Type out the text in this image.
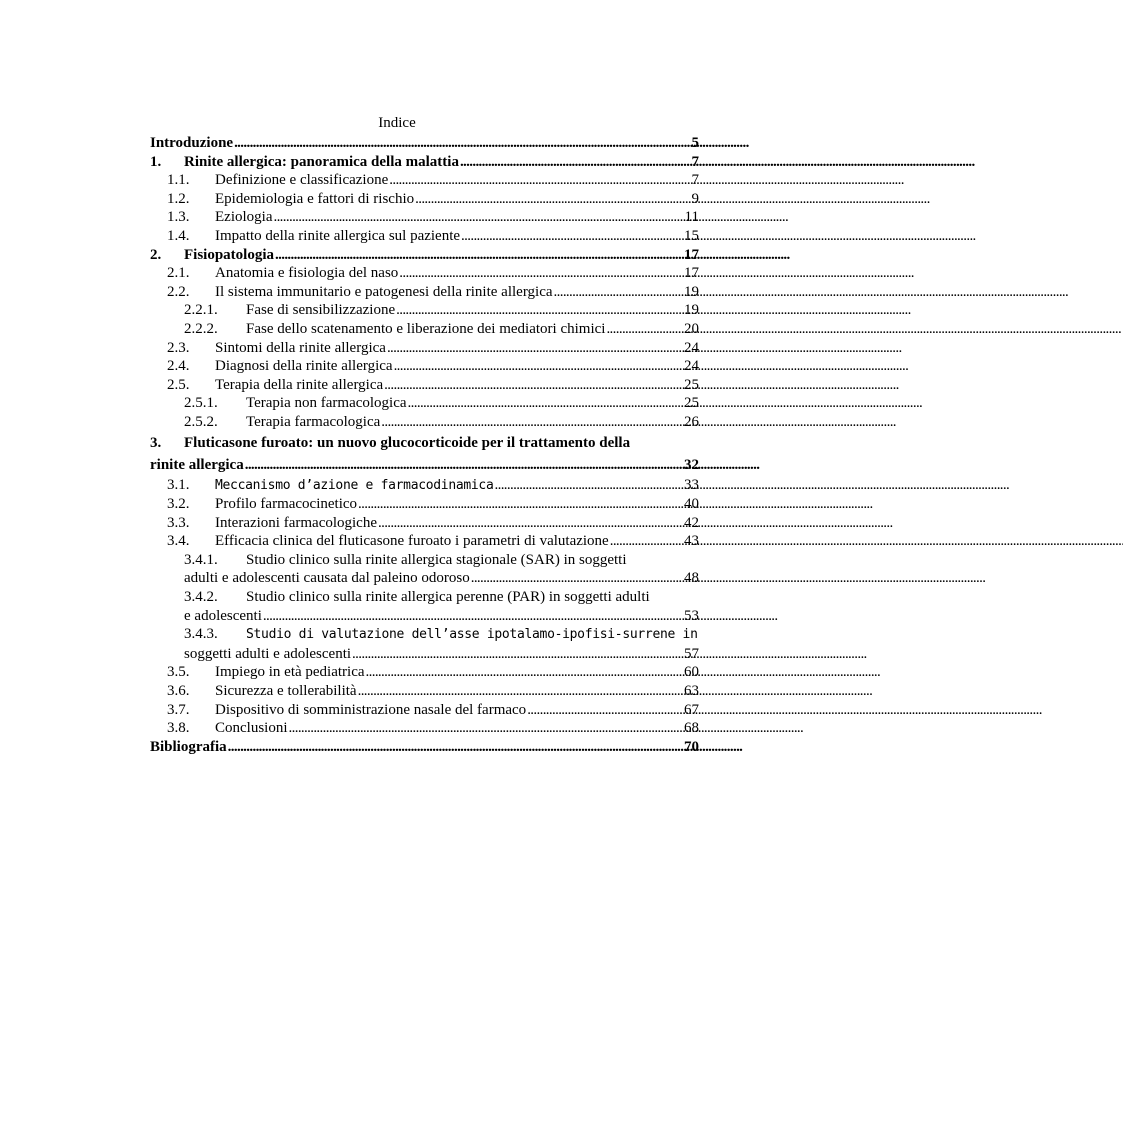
Indice
Introduzione . . .	5
1.	Rinite allergica: panoramica della malattia . . .	7
1.1.	Definizione e classificazione . . .	7
1.2.	Epidemiologia e fattori di rischio . . .	9
1.3.	Eziologia . . .	11
1.4.	Impatto della rinite allergica sul paziente . . .	15
2.	Fisiopatologia . . .	17
2.1.	Anatomia e fisiologia del naso . . .	17
2.2.	Il sistema immunitario e patogenesi della rinite allergica . . .	19
2.2.1.	Fase di sensibilizzazione . . .	19
2.2.2.	Fase dello scatenamento e liberazione dei mediatori chimici . . .	20
2.3.	Sintomi della rinite allergica . . .	24
2.4.	Diagnosi della rinite allergica . . .	24
2.5.	Terapia della rinite allergica . . .	25
2.5.1.	Terapia non farmacologica . . .	25
2.5.2.	Terapia farmacologica . . .	26
3.	Fluticasone furoato: un nuovo glucocorticoide per il trattamento della
rinite allergica . . .	32
3.1.	Meccanismo d’azione e farmacodinamica . . .	33
3.2.	Profilo farmacocinetico . . .	40
3.3.	Interazioni farmacologiche . . .	42
3.4.	Efficacia clinica del fluticasone furoato i parametri di valutazione . . .	43
3.4.1.	Studio clinico sulla rinite allergica stagionale (SAR) in soggetti
adulti e adolescenti causata dal paleino odoroso . . .	48
3.4.2.	Studio clinico sulla rinite allergica perenne (PAR) in soggetti adulti
e adolescenti . . .	53
3.4.3.	Studio di valutazione dell’asse ipotalamo-ipofisi-surrene in
soggetti adulti e adolescenti . . .	57
3.5.	Impiego in età pediatrica . . .	60
3.6.	Sicurezza e tollerabilità . . .	63
3.7.	Dispositivo di somministrazione nasale del farmaco . . .	67
3.8.	Conclusioni . . .	68
Bibliografia . . .	70
